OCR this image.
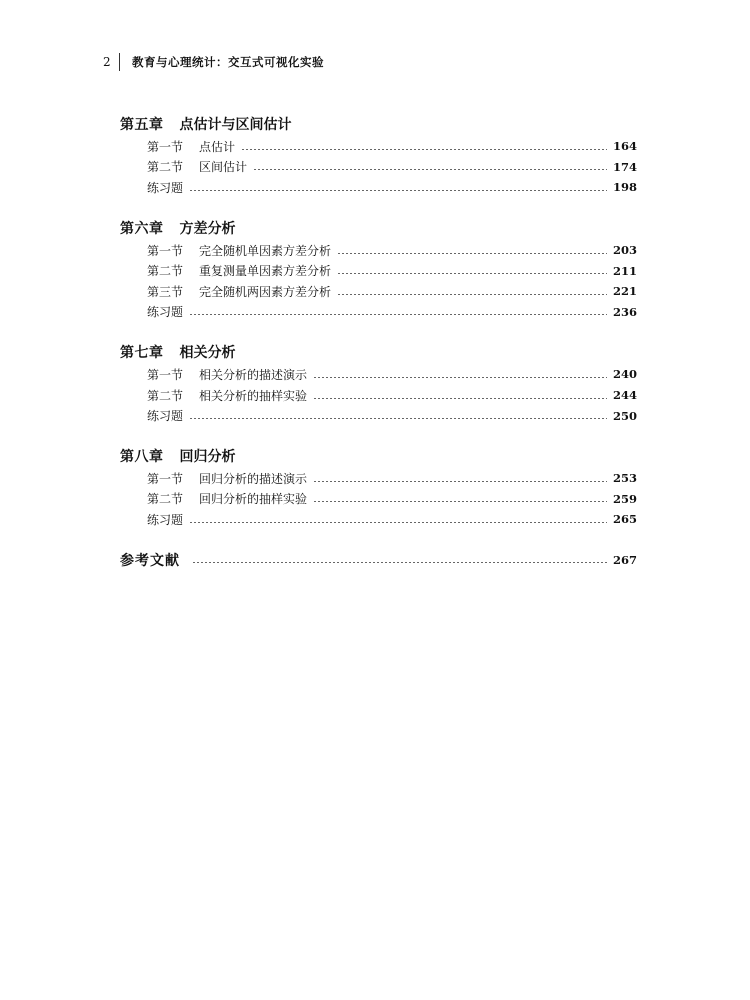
2 教育与心理统计：交互式可视化实验
第五章 点估计与区间估计
第一节 点估计	164
第二节 区间估计	174
练习题	198
第六章 方差分析
第一节 完全随机单因素方差分析	203
第二节 重复测量单因素方差分析	211
第三节 完全随机两因素方差分析	221
练习题	236
第七章 相关分析
第一节 相关分析的描述演示	240
第二节 相关分析的抽样实验	244
练习题	250
第八章 回归分析
第一节 回归分析的描述演示	253
第二节 回归分析的抽样实验	259
练习题	265
参考文献	267
